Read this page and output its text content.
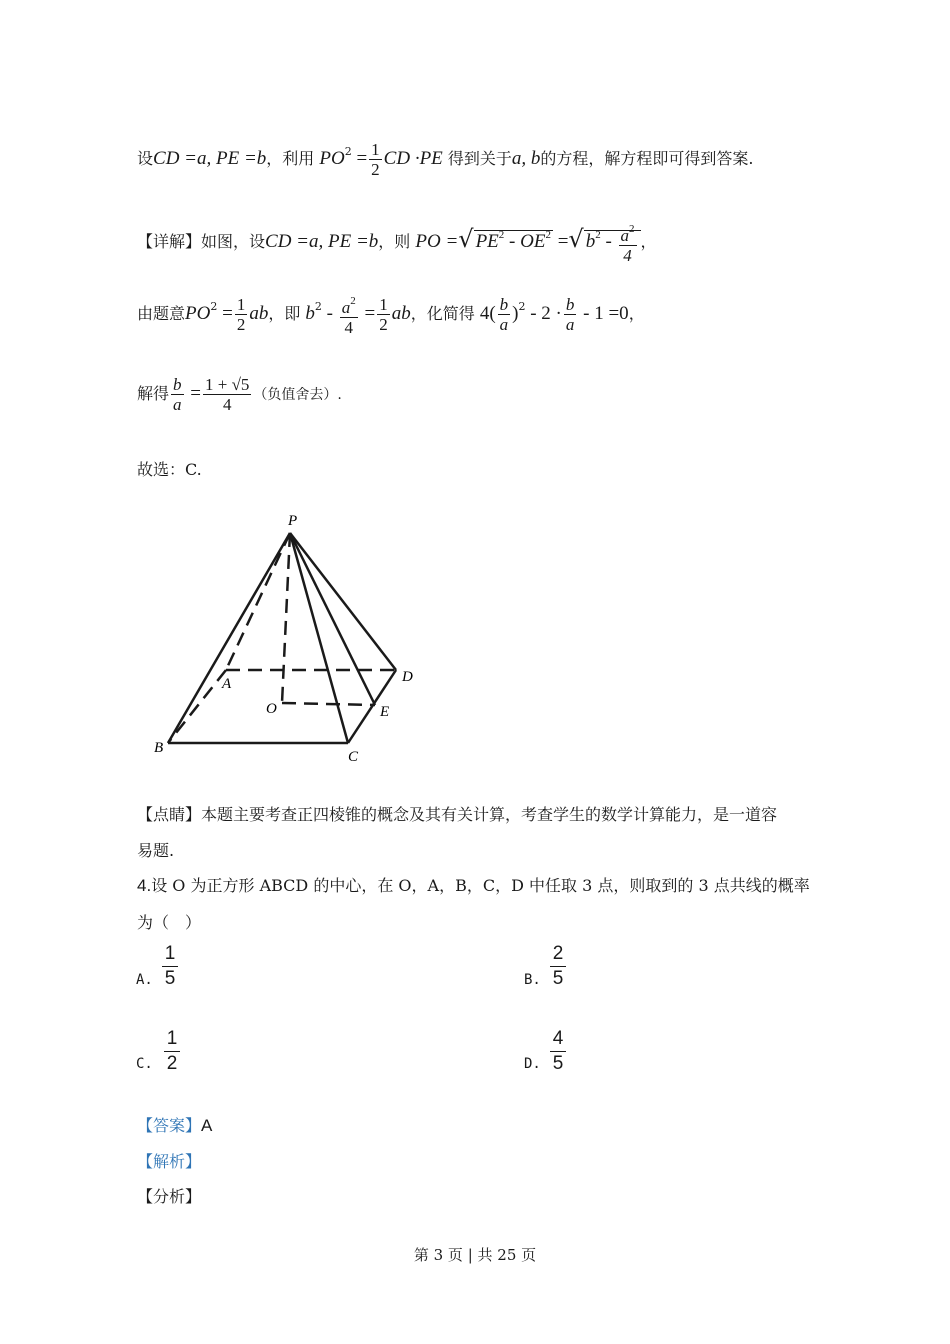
设CD =a, PE =b，利用 $PO^2 = \frac{1}{2}$ CD ·PE 得到关于a, b的方程，解方程即可得到答案.
【详解】如图，设CD =a, PE =b，则 PO =√ $PE^2 - OE^2$ =√ $b^2 - \frac{a^2}{4}$ ，
由题意$PO^2 = \frac{1}{2}$ ab，即 $b^2 - \frac{a^2}{4} = \frac{1}{2}$ ab，化简得 $4( \frac{b}{a} )^2 - 2 \cdot \frac{b}{a} - 1 =0$，
解得 $\frac{b}{a} = \frac{1 + √5}{4}$ （负值舍去）.
故选：C.
P
A
B
C
D
E
O
【点睛】本题主要考查正四棱锥的概念及其有关计算，考查学生的数学计算能力，是一道容
易题.
4.设 O 为正方形 ABCD 的中心，在 O，A，B，C，D 中任取 3 点，则取到的 3 点共线的概率
为（　）
A. $\frac{1}{5}$	B. $\frac{2}{5}$
C. $\frac{1}{2}$	D. $\frac{4}{5}$
【答案】A
【解析】
【分析】
第 3 页 | 共 25 页
